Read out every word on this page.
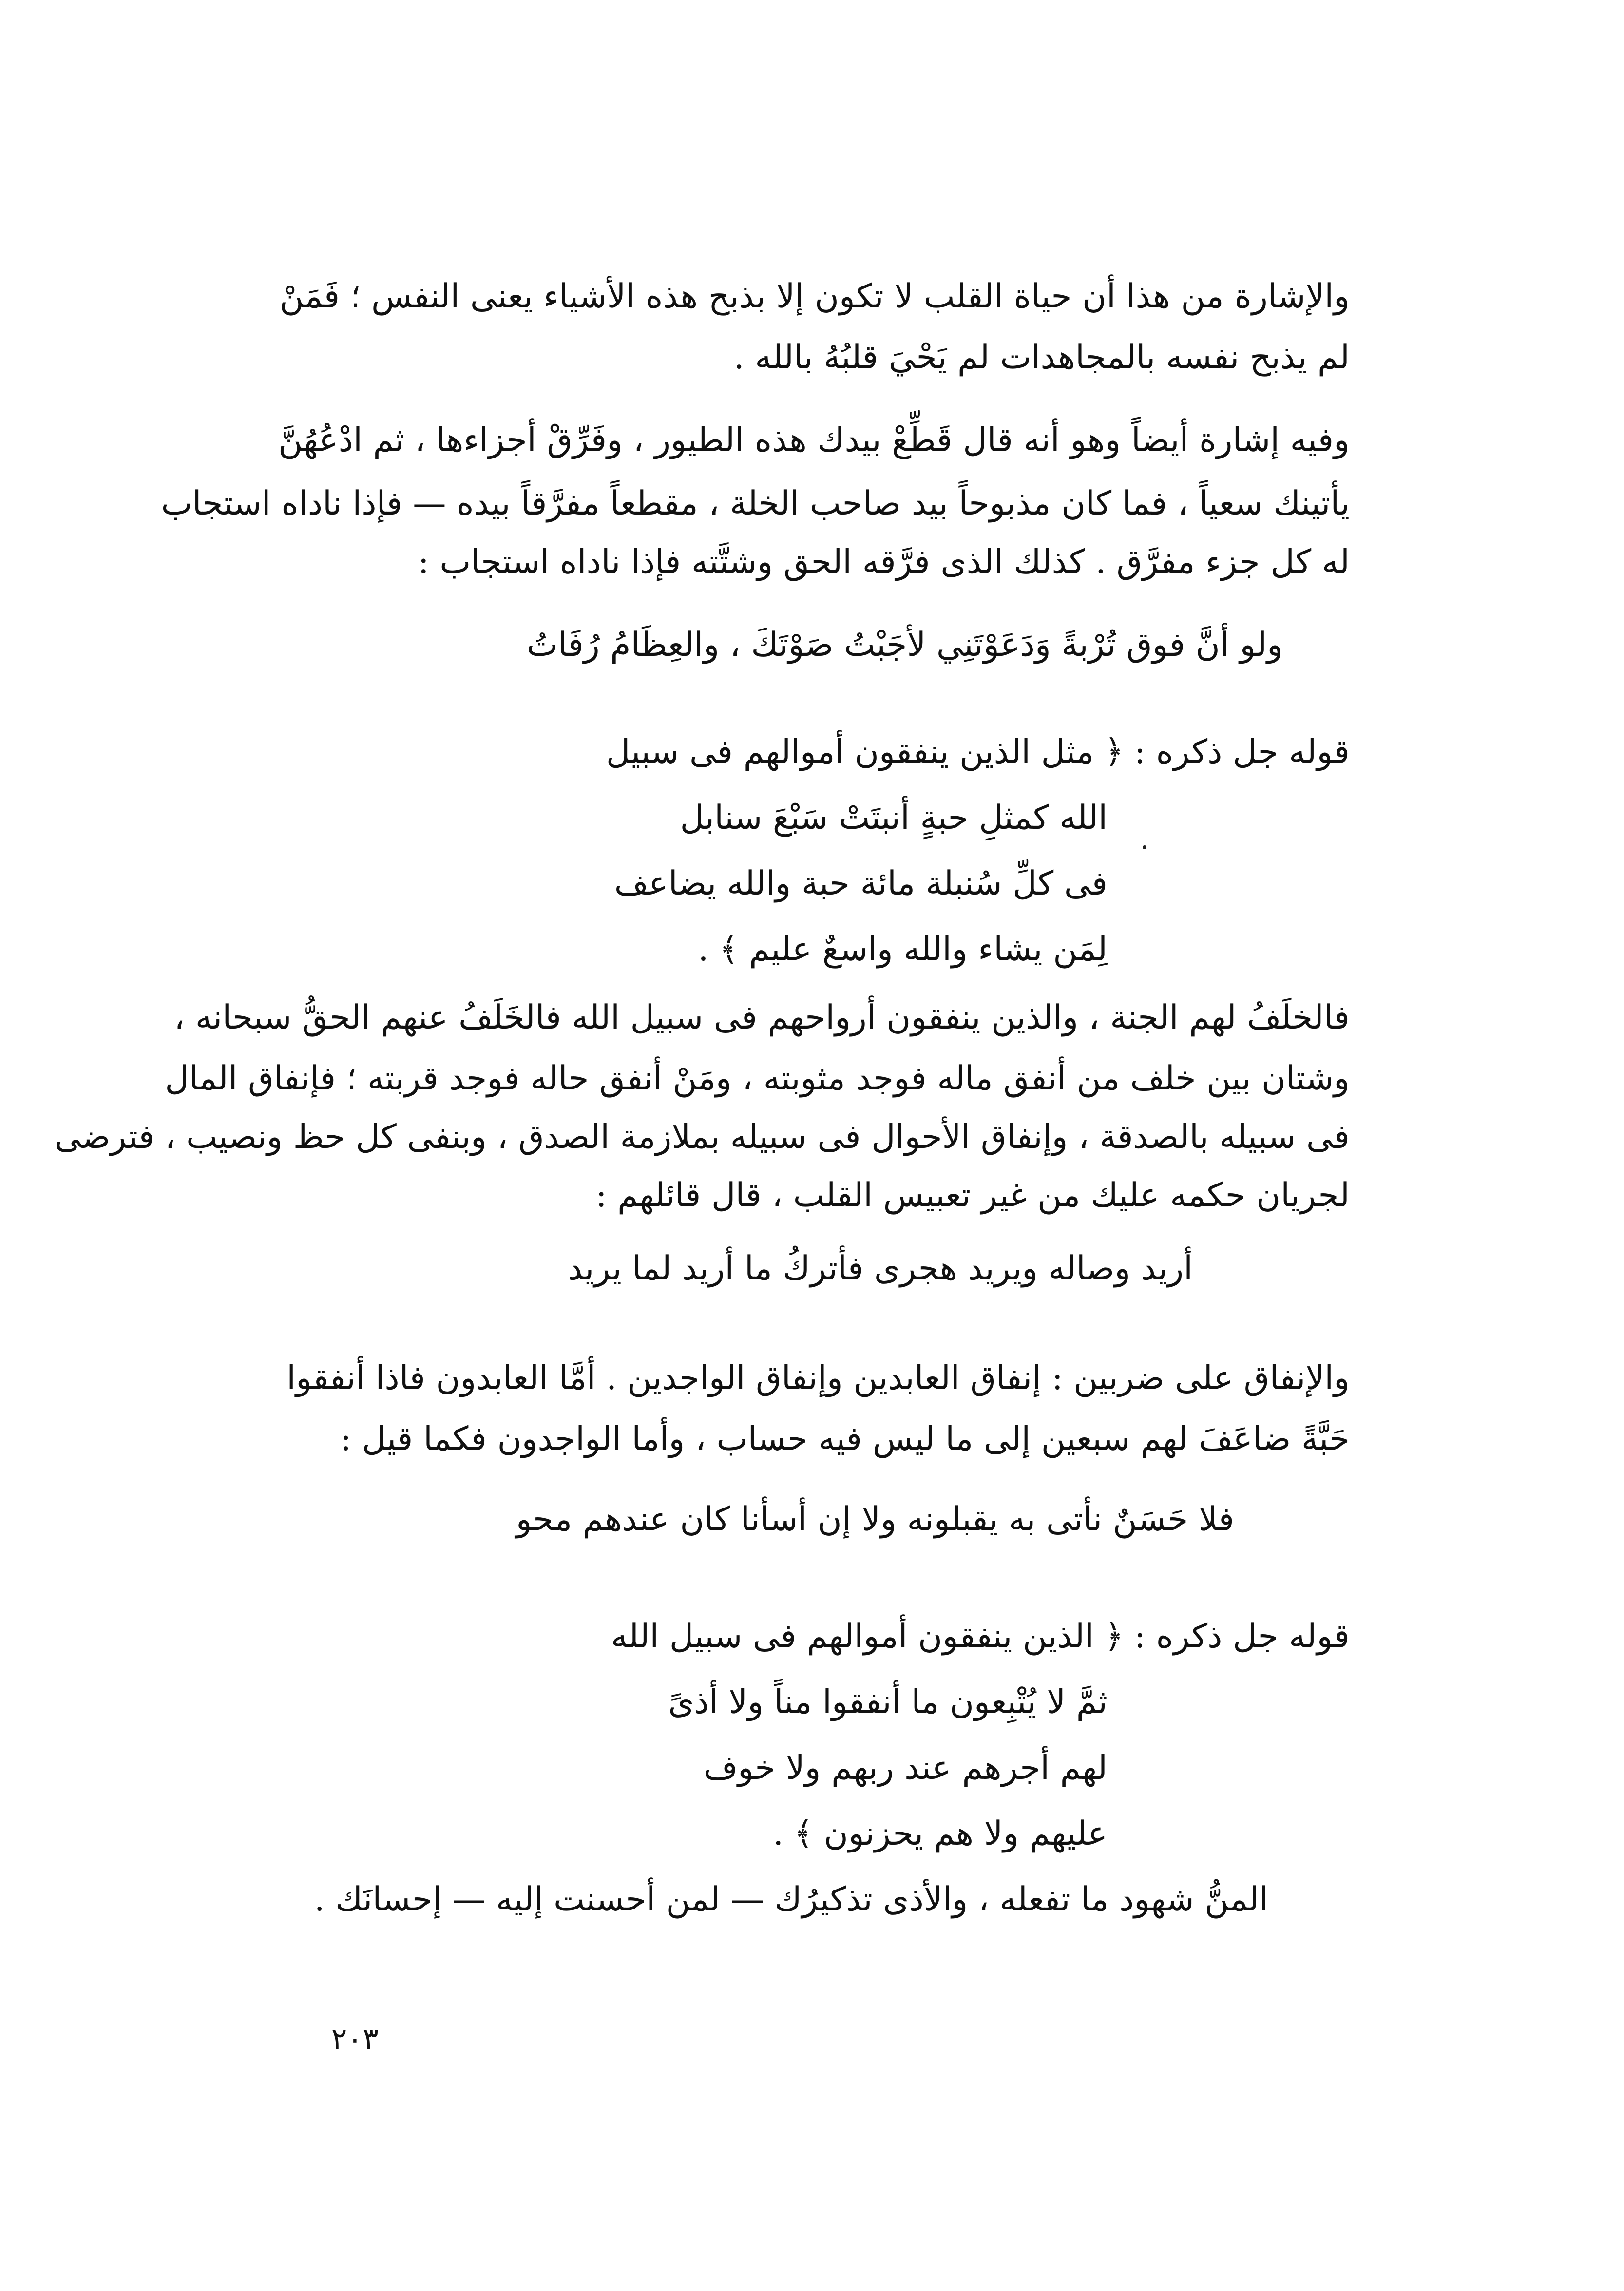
والإشارة من هذا أن حياة القلب لا تكون إلا بذبح هذه الأشياء يعنى النفس ؛ فَمَنْ
لم يذبح نفسه بالمجاهدات لم يَحْيَ قلبُهُ بالله .
وفيه إشارة أيضاً وهو أنه قال قَطِّعْ بيدك هذه الطيور ، وفَرِّقْ أجزاءها ، ثم ادْعُهُنَّ
يأتينك سعياً ، فما كان مذبوحاً بيد صاحب الخلة ، مقطعاً مفرَّقاً بيده — فإذا ناداه استجاب
له كل جزء مفرَّق . كذلك الذى فرَّقه الحق وشتَّته فإذا ناداه استجاب :
ولو أنَّ فوق تُرْبةً وَدَعَوْتَنِي لأجَبْتُ صَوْتَكَ ، والعِظَامُ رُفَاتُ
قوله جل ذكره : ﴿ مثل الذين ينفقون أموالهم فى سبيل
الله كمثلِ حبةٍ أنبتَتْ سَبْعَ سنابل
فى كلِّ سُنبلة مائة حبة والله يضاعف
لِمَن يشاء والله واسعٌ عليم ﴾ .
فالخلَفُ لهم الجنة ، والذين ينفقون أرواحهم فى سبيل الله فالخَلَفُ عنهم الحقُّ سبحانه ،
وشتان بين خلف من أنفق ماله فوجد مثوبته ، ومَنْ أنفق حاله فوجد قربته ؛ فإنفاق المال
فى سبيله بالصدقة ، وإنفاق الأحوال فى سبيله بملازمة الصدق ، وبنفى كل حظ ونصيب ، فترضى
لجريان حكمه عليك من غير تعبيس القلب ، قال قائلهم :
أريد وصاله ويريد هجرى فأتركُ ما أريد لما يريد
والإنفاق على ضربين : إنفاق العابدين وإنفاق الواجدين . أمَّا العابدون فاذا أنفقوا
حَبَّةً ضاعَفَ لهم سبعين إلى ما ليس فيه حساب ، وأما الواجدون فكما قيل :
فلا حَسَنٌ نأتى به يقبلونه ولا إن أسأنا كان عندهم محو
قوله جل ذكره : ﴿ الذين ينفقون أموالهم فى سبيل الله
ثمَّ لا يُتْبِعون ما أنفقوا مناً ولا أذىً
لهم أجرهم عند ربهم ولا خوف
عليهم ولا هم يحزنون ﴾ .
المنُّ شهود ما تفعله ، والأذى تذكيرُك — لمن أحسنت إليه — إحسانَك .
٢٠٣
